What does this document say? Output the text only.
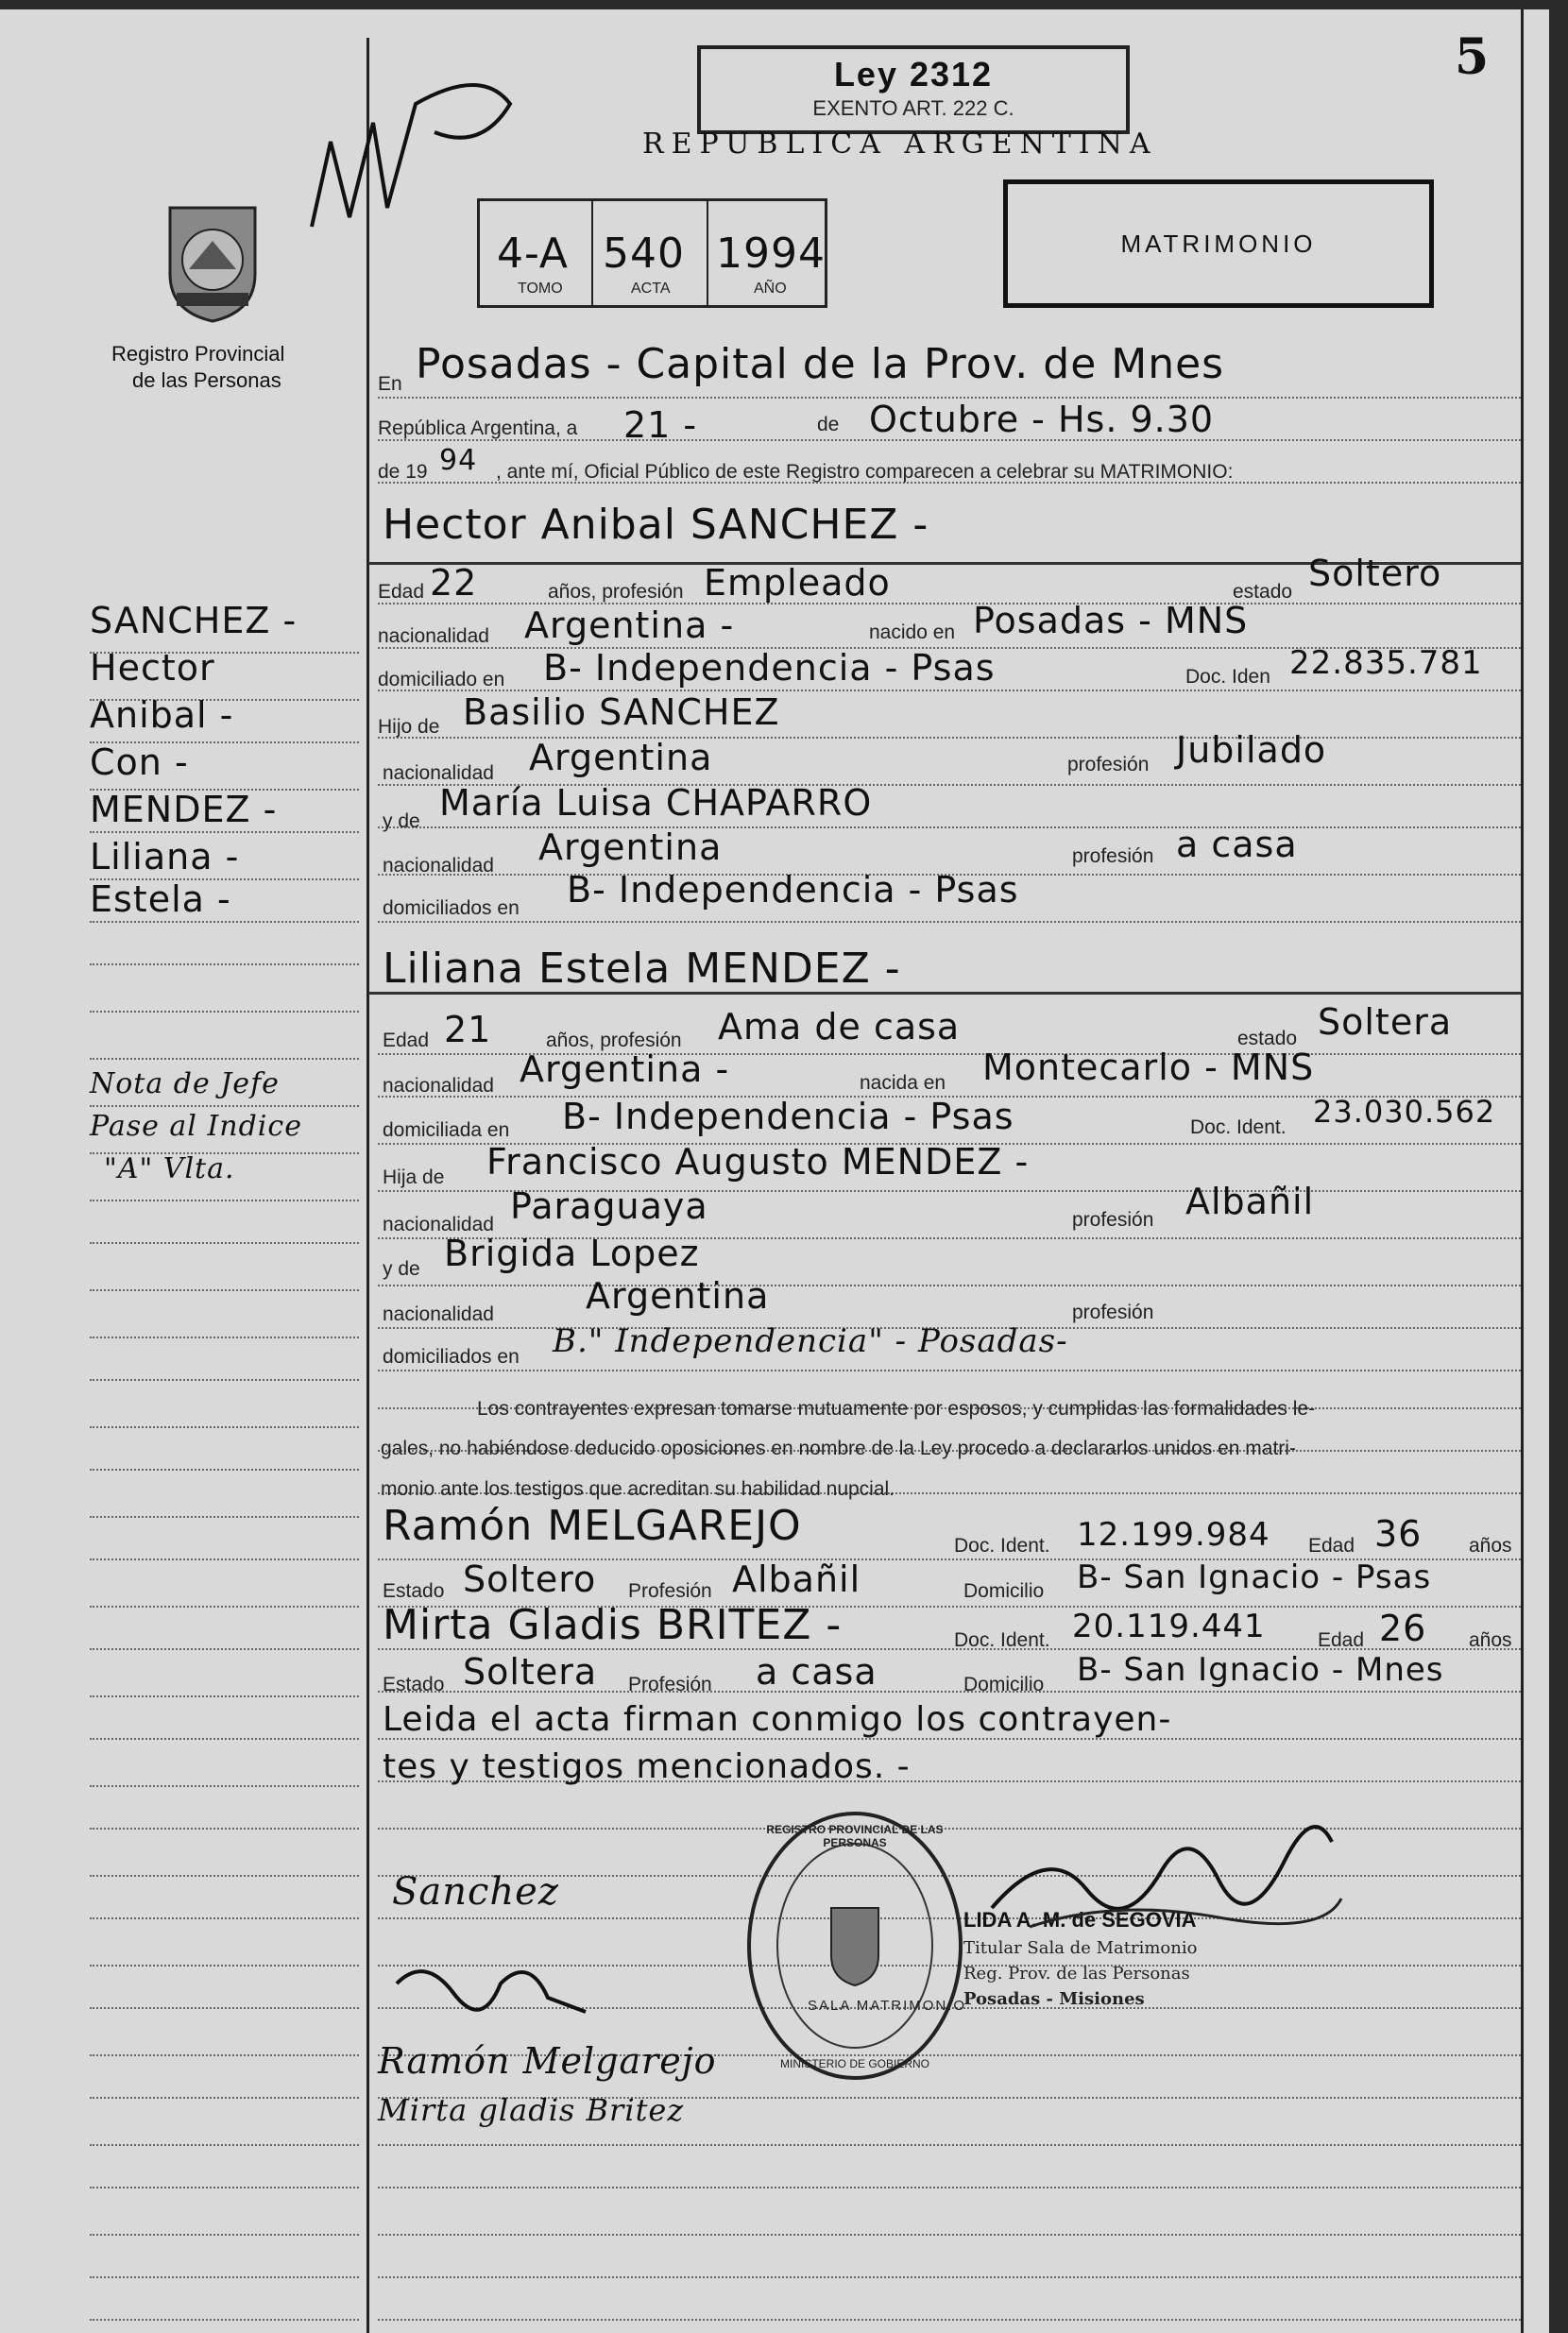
5
Ley 2312
EXENTO ART. 222 C.
REPUBLICA ARGENTINA
MATRIMONIO
Registro Provincial
de las Personas
4-A 540 1994
TOMO	ACTA	AÑO
SANCHEZ -
Hector
Anibal -
Con -
MENDEZ -
Liliana -
Estela -
Nota de Jefe
Pase al Indice
"A" Vlta.
En Posadas - Capital de la Prov. de Mnes
República Argentina, a 21 -	de Octubre - Hs. 9.30
de 19 94 , ante mí, Oficial Público de este Registro comparecen a celebrar su MATRIMONIO:
Hector Anibal SANCHEZ -
Edad 22	años, profesión Empleado	estado Soltero
nacionalidad Argentina -	nacido en Posadas - MNS
domiciliado en B- Independencia - Psas	Doc. Iden 22.835.781
Hijo de Basilio SANCHEZ
nacionalidad Argentina	profesión Jubilado
y de María Luisa CHAPARRO
nacionalidad Argentina	profesión a casa
domiciliados en B- Independencia - Psas
Liliana Estela MENDEZ -
Edad 21	años, profesión Ama de casa	estado Soltera
nacionalidad Argentina -	nacida en Montecarlo - MNS
domiciliada en B- Independencia - Psas	Doc. Ident. 23.030.562
Hija de Francisco Augusto MENDEZ -
nacionalidad Paraguaya	profesión Albañil
y de Brigida Lopez
nacionalidad	Argentina	profesión
domiciliados en B." Independencia" - Posadas-
Los contrayentes expresan tomarse mutuamente por esposos, y cumplidas las formalidades le-
gales, no habiéndose deducido oposiciones en nombre de la Ley procedo a declararlos unidos en matri-
monio ante los testigos que acreditan su habilidad nupcial.
Ramón MELGAREJO	Doc. Ident. 12.199.984 Edad 36 años
Estado Soltero Profesión Albañil	Domicilio B- San Ignacio - Psas
Mirta Gladis BRITEZ -	Doc. Ident. 20.119.441	Edad 26 años
Estado Soltera Profesión a casa	Domicilio B- San Ignacio - Mnes
Leida el acta firman conmigo los contrayen-
tes y testigos mencionados. -
SALA MATRIMONIO
REGISTRO PROVINCIAL DE LAS PERSONAS
MINISTERIO DE GOBIERNO
LIDA A. M. de SEGOVIA
Titular Sala de Matrimonio
Reg. Prov. de las Personas
Posadas - Misiones
Sanchez
Ramón Melgarejo
Mirta gladis Britez
